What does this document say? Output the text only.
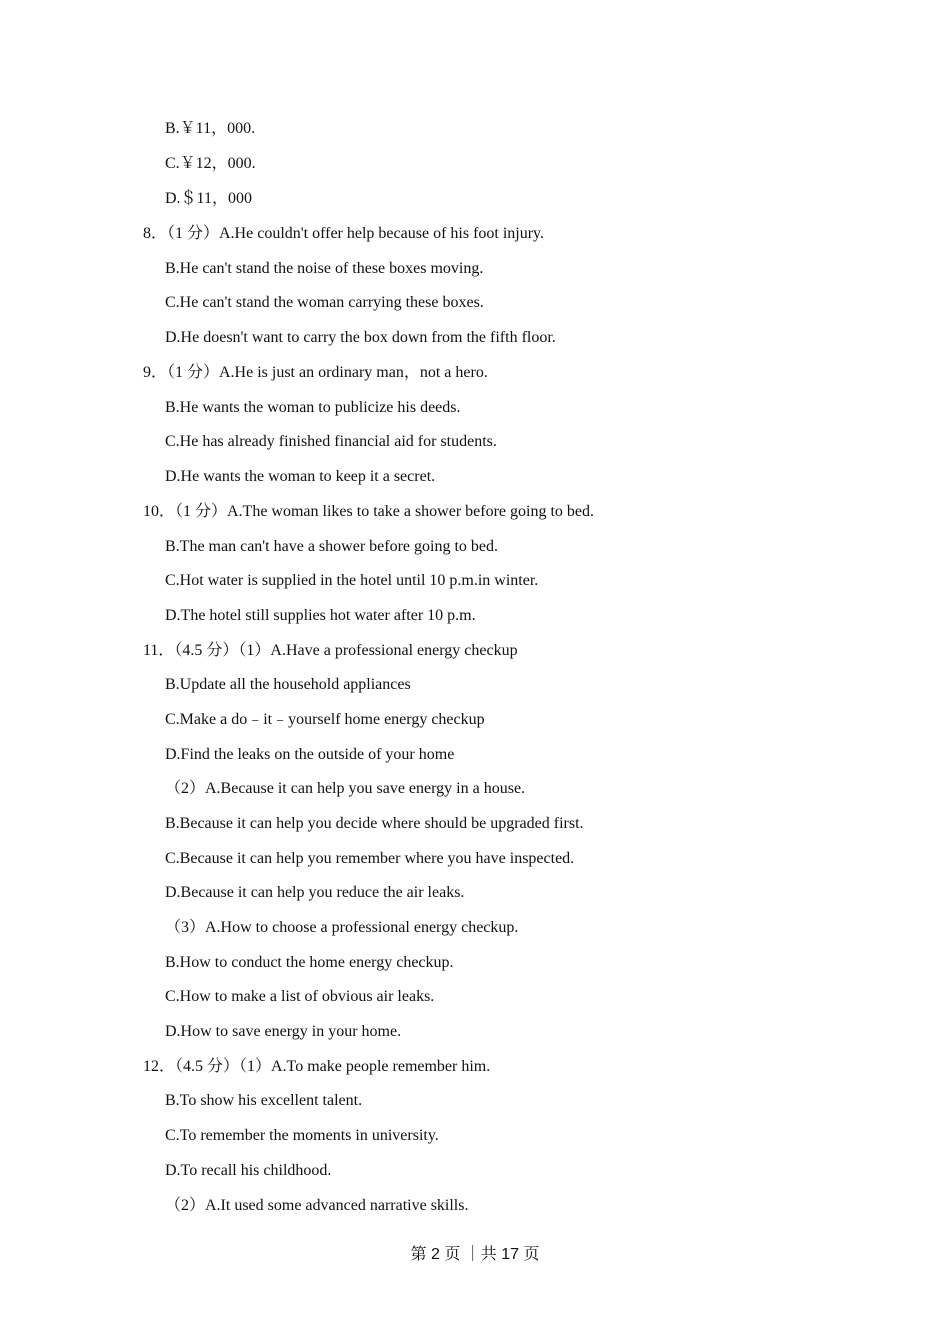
B.￥11，000.
C.￥12，000.
D.＄11，000
8．（1 分）A.He couldn't offer help because of his foot injury.
B.He can't stand the noise of these boxes moving.
C.He can't stand the woman carrying these boxes.
D.He doesn't want to carry the box down from the fifth floor.
9．（1 分）A.He is just an ordinary man，not a hero.
B.He wants the woman to publicize his deeds.
C.He has already finished financial aid for students.
D.He wants the woman to keep it a secret.
10．（1 分）A.The woman likes to take a shower before going to bed.
B.The man can't have a shower before going to bed.
C.Hot water is supplied in the hotel until 10 p.m.in winter.
D.The hotel still supplies hot water after 10 p.m.
11．（4.5 分）（1）A.Have a professional energy checkup
B.Update all the household appliances
C.Make a do﹣it﹣yourself home energy checkup
D.Find the leaks on the outside of your home
（2）A.Because it can help you save energy in a house.
B.Because it can help you decide where should be upgraded first.
C.Because it can help you remember where you have inspected.
D.Because it can help you reduce the air leaks.
（3）A.How to choose a professional energy checkup.
B.How to conduct the home energy checkup.
C.How to make a list of obvious air leaks.
D.How to save energy in your home.
12．（4.5 分）（1）A.To make people remember him.
B.To show his excellent talent.
C.To remember the moments in university.
D.To recall his childhood.
（2）A.It used some advanced narrative skills.
第 2 页 ｜共 17 页
